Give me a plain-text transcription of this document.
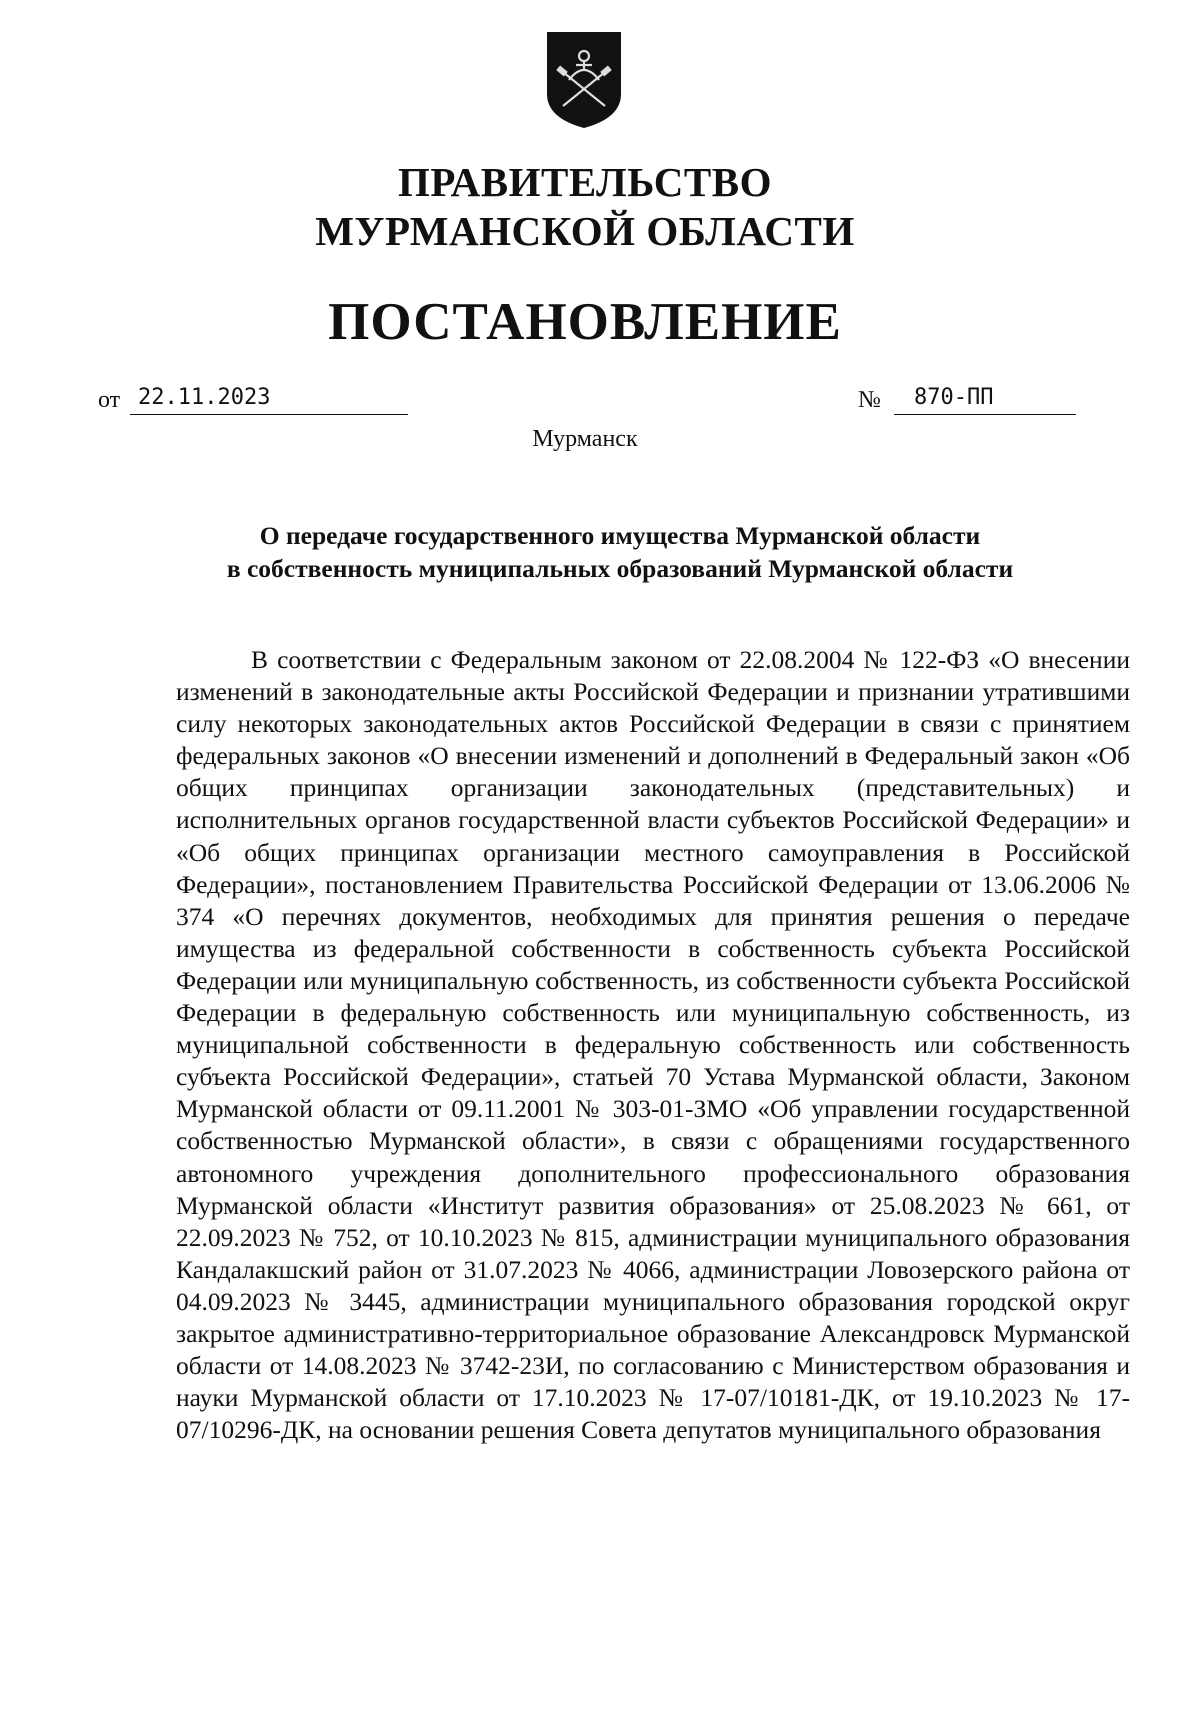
ПРАВИТЕЛЬСТВО
МУРМАНСКОЙ ОБЛАСТИ
ПОСТАНОВЛЕНИЕ
от 22.11.2023	№	870-ПП
Мурманск
О передаче государственного имущества Мурманской области
в собственность муниципальных образований Мурманской области

В соответствии с Федеральным законом от 22.08.2004 № 122-ФЗ «О внесении изменений в законодательные акты Российской Федерации и признании утратившими силу некоторых законодательных актов Российской Федерации в связи с принятием федеральных законов «О внесении изменений и дополнений в Федеральный закон «Об общих принципах организации законодательных (представительных) и исполнительных органов государственной власти субъектов Российской Федерации» и «Об общих принципах организации местного самоуправления в Российской Федерации», постановлением Правительства Российской Федерации от 13.06.2006 № 374 «О перечнях документов, необходимых для принятия решения о передаче имущества из федеральной собственности в собственность субъекта Российской Федерации или муниципальную собственность, из собственности субъекта Российской Федерации в федеральную собственность или муниципальную собственность, из муниципальной собственности в федеральную собственность или собственность субъекта Российской Федерации», статьей 70 Устава Мурманской области, Законом Мурманской области от 09.11.2001 № 303-01-ЗМО «Об управлении государственной собственностью Мурманской области», в связи с обращениями государственного автономного учреждения дополнительного профессионального образования Мурманской области «Институт развития образования» от 25.08.2023 № 661, от 22.09.2023 № 752, от 10.10.2023 № 815, администрации муниципального образования Кандалакшский район от 31.07.2023 № 4066, администрации Ловозерского района от 04.09.2023 № 3445, администрации муниципального образования городской округ закрытое административно-территориальное образование Александровск Мурманской области от 14.08.2023 № 3742-23И, по согласованию с Министерством образования и науки Мурманской области от 17.10.2023 № 17-07/10181-ДК, от 19.10.2023 № 17-07/10296-ДК, на основании решения Совета депутатов муниципального образования
